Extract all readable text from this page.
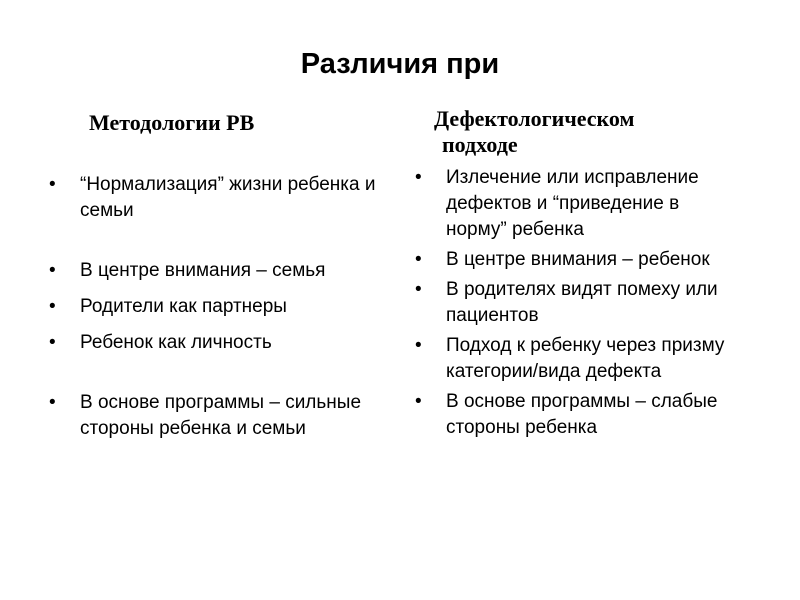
Различия при
Методологии РВ	Дефектологическом
подходе
• “Нормализация” жизни ребенка и семьи
• В центре внимания – семья
• Родители как партнеры
• Ребенок как личность
• В основе программы – сильные стороны ребенка и семьи
• Излечение или исправление дефектов и “приведение в норму” ребенка
• В центре внимания – ребенок
• В родителях видят помеху или пациентов
• Подход к ребенку через призму категории/вида дефекта
• В основе программы – слабые стороны ребенка
